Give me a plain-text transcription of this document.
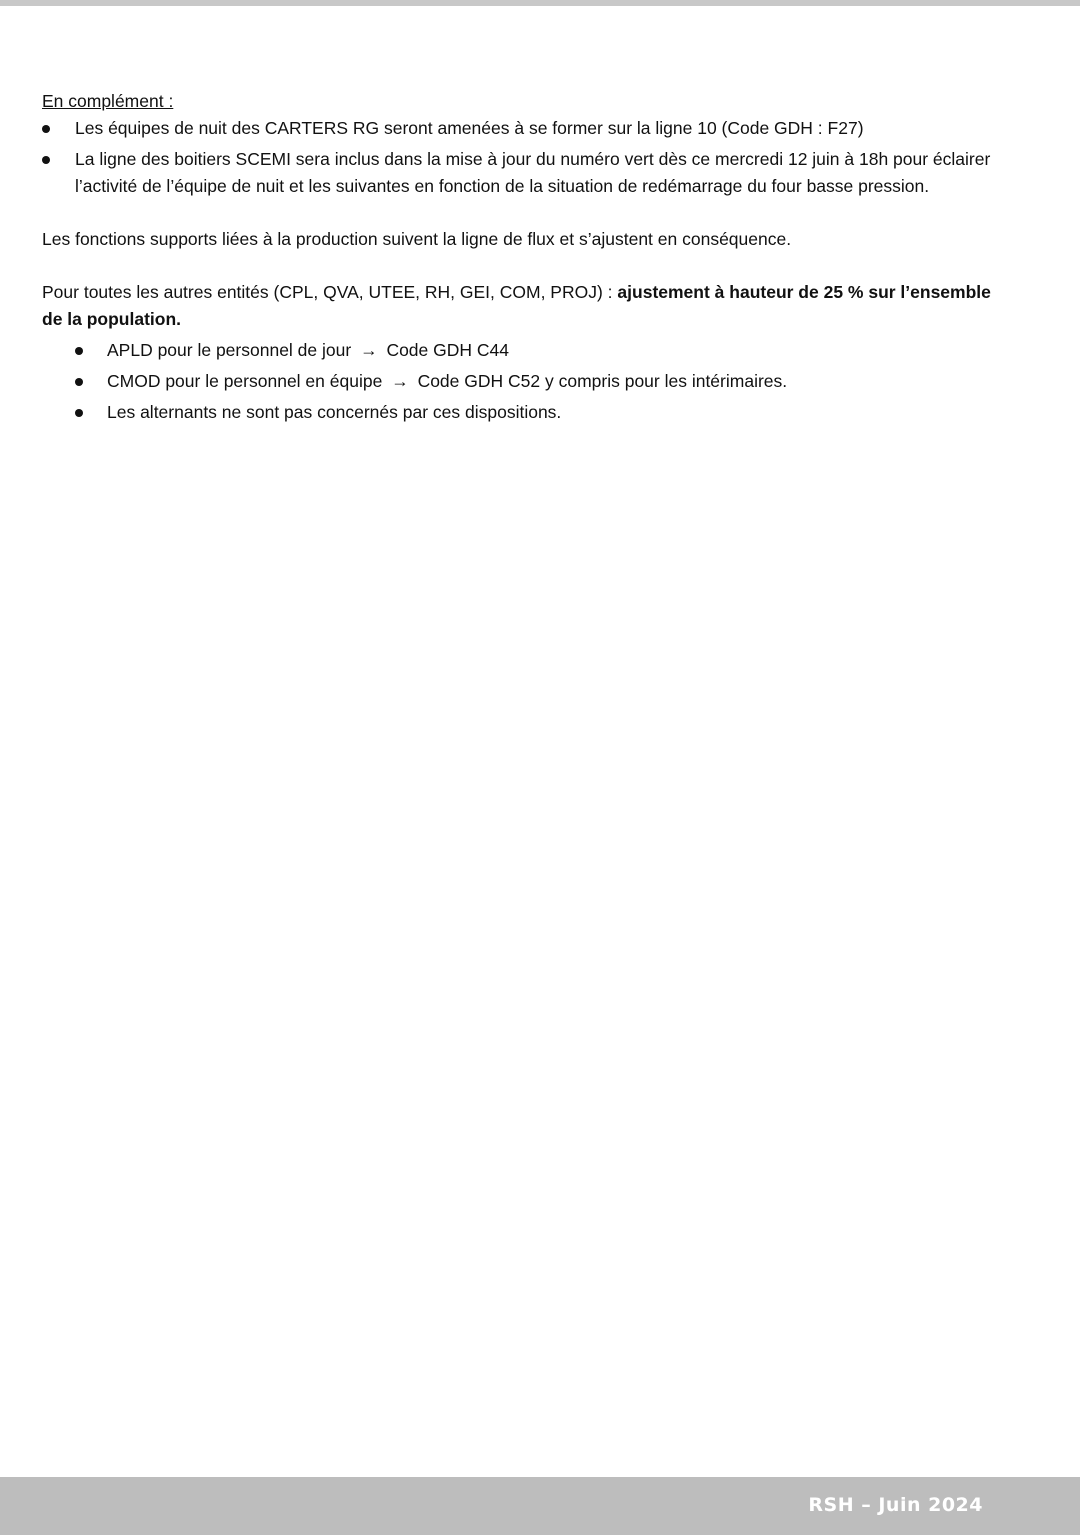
En complément :

Les équipes de nuit des CARTERS RG seront amenées à se former sur la ligne 10 (Code GDH : F27)
La ligne des boitiers SCEMI sera inclus dans la mise à jour du numéro vert dès ce mercredi 12 juin à 18h pour éclairer l’activité de l’équipe de nuit et les suivantes en fonction de la situation de redémarrage du four basse pression.

Les fonctions supports liées à la production suivent la ligne de flux et s’ajustent en conséquence.

Pour toutes les autres entités (CPL, QVA, UTEE, RH, GEI, COM, PROJ) : ajustement à hauteur de 25 % sur l’ensemble de la population.

APLD pour le personnel de jour → Code GDH C44
CMOD pour le personnel en équipe → Code GDH C52 y compris pour les intérimaires.
Les alternants ne sont pas concernés par ces dispositions.
RSH – Juin 2024
